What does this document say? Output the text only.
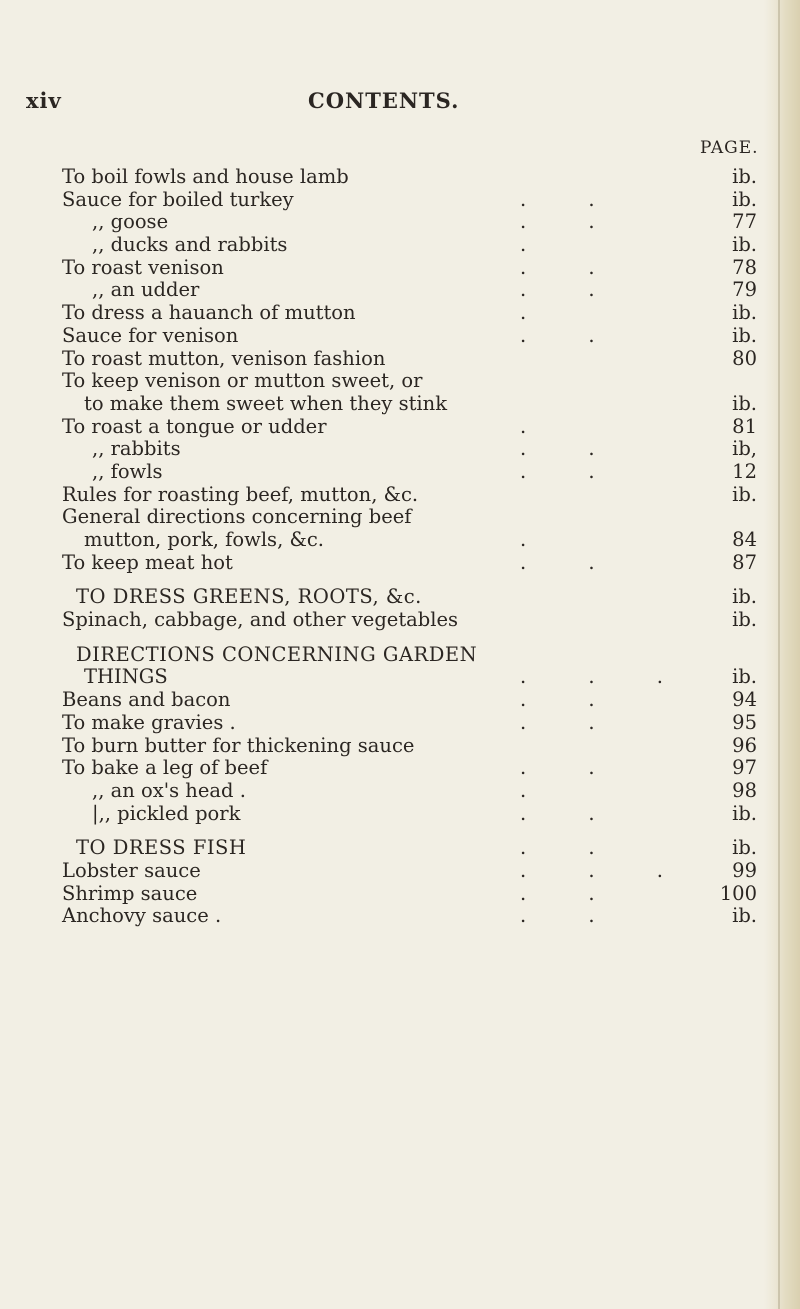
xiv	CONTENTS.
PAGE.
To boil fowls and house lamb	ib.
Sauce for boiled turkey	. .	ib.
,, goose	. .	77
,, ducks and rabbits	.	ib.
To roast venison	. .	78
,, an udder	. .	79
To dress a hauanch of mutton	.	ib.
Sauce for venison	. .	ib.
To roast mutton, venison fashion	80
To keep venison or mutton sweet, or
to make them sweet when they stink	ib.
To roast a tongue or udder	.	81
,, rabbits	. .	ib,
,, fowls	. .	12
Rules for roasting beef, mutton, &c.	ib.
General directions concerning beef
mutton, pork, fowls, &c.	.	84
To keep meat hot	. .	87
TO DRESS GREENS, ROOTS, &c.	ib.
Spinach, cabbage, and other vegetables	ib.
DIRECTIONS CONCERNING GARDEN
THINGS	. . .	ib.
Beans and bacon	. .	94
To make gravies .	. .	95
To burn butter for thickening sauce	96
To bake a leg of beef	. .	97
,, an ox's head .	.	98
|,, pickled pork	. .	ib.
TO DRESS FISH	. .	ib.
Lobster sauce	. . .	99
Shrimp sauce	. .	100
Anchovy sauce .	. .	ib.
